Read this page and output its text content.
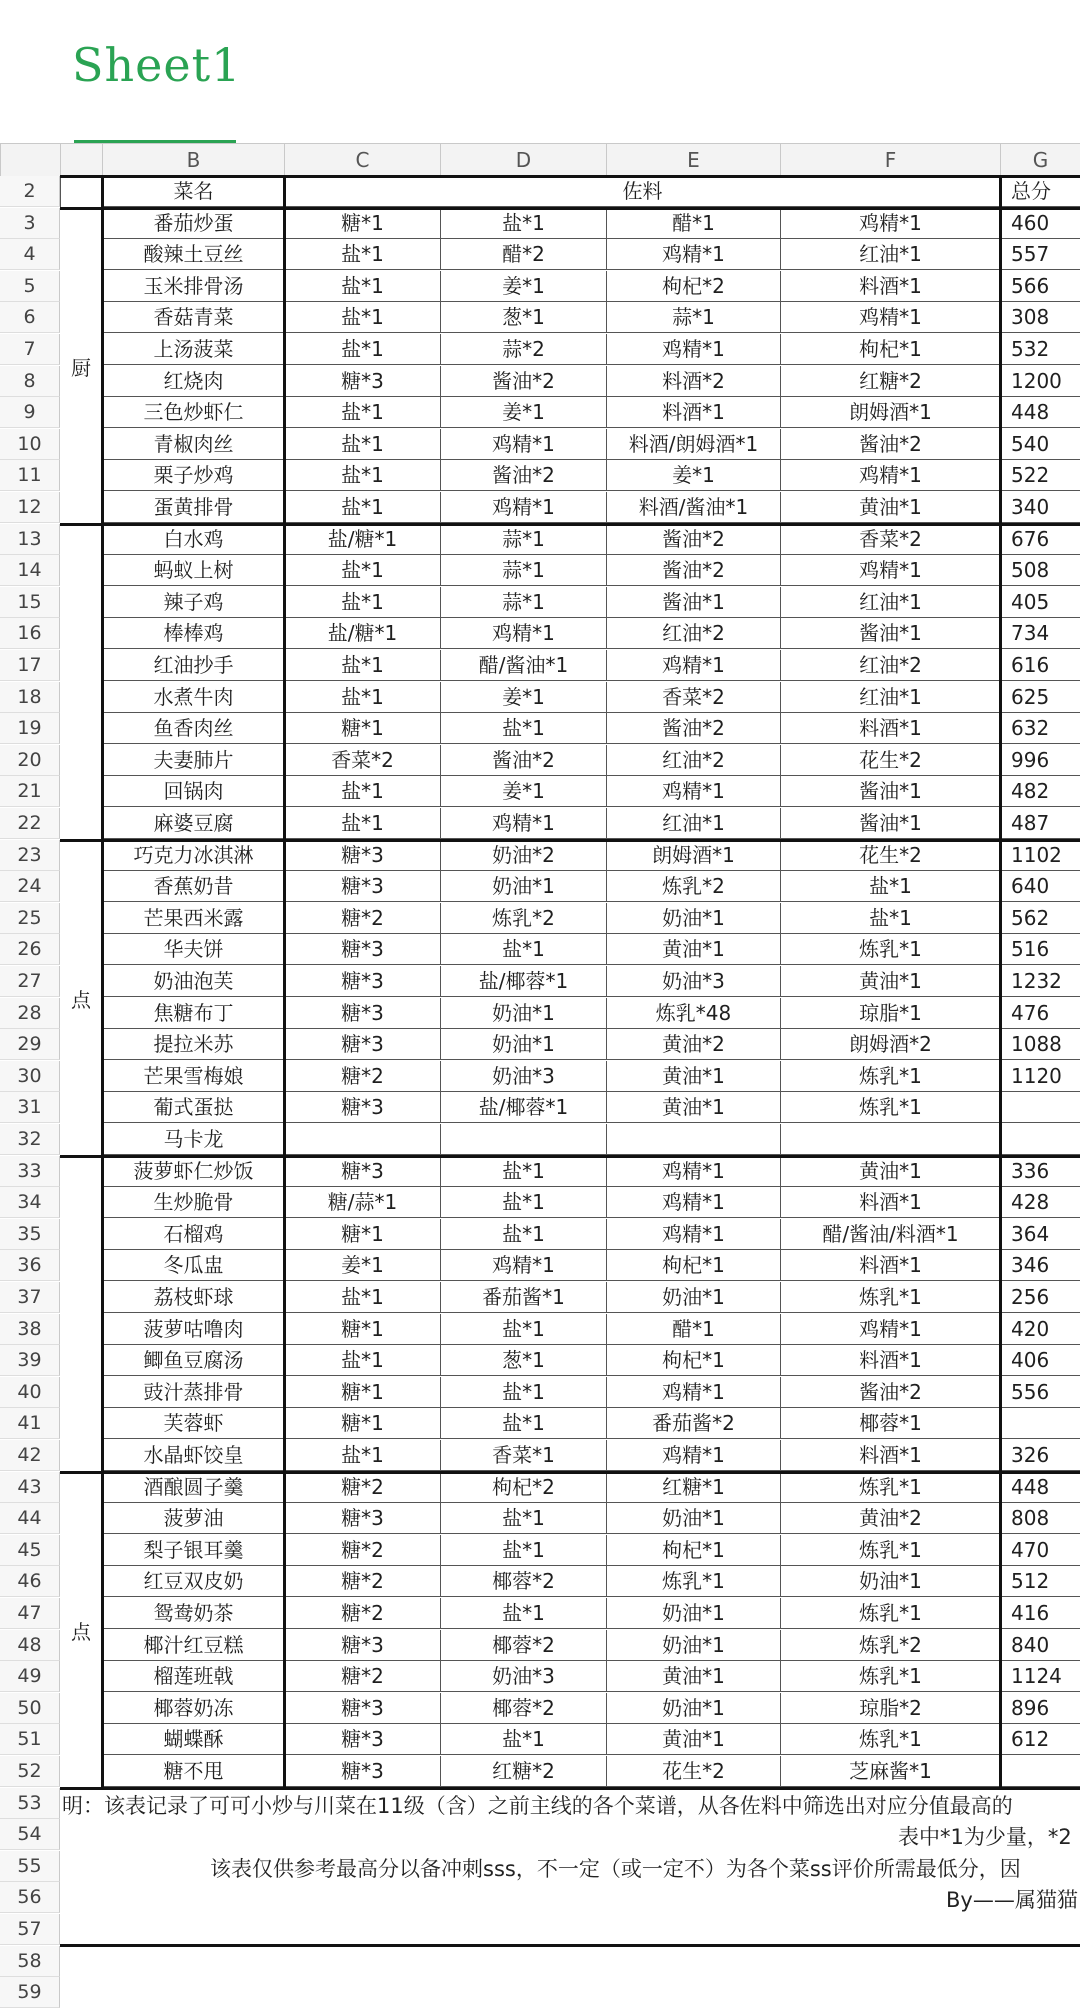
Sheet1
B	C	D	E	F	G
2	菜名	佐料	总分
3	番茄炒蛋	糖*1	盐*1	醋*1	鸡精*1	460
4	酸辣土豆丝	盐*1	醋*2	鸡精*1	红油*1	557
5	玉米排骨汤	盐*1	姜*1	枸杞*2	料酒*1	566
6	香菇青菜	盐*1	葱*1	蒜*1	鸡精*1	308
7	上汤菠菜	盐*1	蒜*2	鸡精*1	枸杞*1	532
8	红烧肉	糖*3	酱油*2	料酒*2	红糖*2	1200
9	三色炒虾仁	盐*1	姜*1	料酒*1	朗姆酒*1	448
10	青椒肉丝	盐*1	鸡精*1	料酒/朗姆酒*1	酱油*2	540
11	栗子炒鸡	盐*1	酱油*2	姜*1	鸡精*1	522
12	蛋黄排骨	盐*1	鸡精*1	料酒/酱油*1	黄油*1	340
13	白水鸡	盐/糖*1	蒜*1	酱油*2	香菜*2	676
14	蚂蚁上树	盐*1	蒜*1	酱油*2	鸡精*1	508
15	辣子鸡	盐*1	蒜*1	酱油*1	红油*1	405
16	棒棒鸡	盐/糖*1	鸡精*1	红油*2	酱油*1	734
17	红油抄手	盐*1	醋/酱油*1	鸡精*1	红油*2	616
18	水煮牛肉	盐*1	姜*1	香菜*2	红油*1	625
19	鱼香肉丝	糖*1	盐*1	酱油*2	料酒*1	632
20	夫妻肺片	香菜*2	酱油*2	红油*2	花生*2	996
21	回锅肉	盐*1	姜*1	鸡精*1	酱油*1	482
22	麻婆豆腐	盐*1	鸡精*1	红油*1	酱油*1	487
23	巧克力冰淇淋	糖*3	奶油*2	朗姆酒*1	花生*2	1102
24	香蕉奶昔	糖*3	奶油*1	炼乳*2	盐*1	640
25	芒果西米露	糖*2	炼乳*2	奶油*1	盐*1	562
26	华夫饼	糖*3	盐*1	黄油*1	炼乳*1	516
27	奶油泡芙	糖*3	盐/椰蓉*1	奶油*3	黄油*1	1232
28	焦糖布丁	糖*3	奶油*1	炼乳*48	琼脂*1	476
29	提拉米苏	糖*3	奶油*1	黄油*2	朗姆酒*2	1088
30	芒果雪梅娘	糖*2	奶油*3	黄油*1	炼乳*1	1120
31	葡式蛋挞	糖*3	盐/椰蓉*1	黄油*1	炼乳*1
32	马卡龙
33	菠萝虾仁炒饭	糖*3	盐*1	鸡精*1	黄油*1	336
34	生炒脆骨	糖/蒜*1	盐*1	鸡精*1	料酒*1	428
35	石榴鸡	糖*1	盐*1	鸡精*1	醋/酱油/料酒*1	364
36	冬瓜盅	姜*1	鸡精*1	枸杞*1	料酒*1	346
37	荔枝虾球	盐*1	番茄酱*1	奶油*1	炼乳*1	256
38	菠萝咕噜肉	糖*1	盐*1	醋*1	鸡精*1	420
39	鲫鱼豆腐汤	盐*1	葱*1	枸杞*1	料酒*1	406
40	豉汁蒸排骨	糖*1	盐*1	鸡精*1	酱油*2	556
41	芙蓉虾	糖*1	盐*1	番茄酱*2	椰蓉*1
42	水晶虾饺皇	盐*1	香菜*1	鸡精*1	料酒*1	326
43	酒酿圆子羹	糖*2	枸杞*2	红糖*1	炼乳*1	448
44	菠萝油	糖*3	盐*1	奶油*1	黄油*2	808
45	梨子银耳羹	糖*2	盐*1	枸杞*1	炼乳*1	470
46	红豆双皮奶	糖*2	椰蓉*2	炼乳*1	奶油*1	512
47	鸳鸯奶茶	糖*2	盐*1	奶油*1	炼乳*1	416
48	椰汁红豆糕	糖*3	椰蓉*2	奶油*1	炼乳*2	840
49	榴莲班戟	糖*2	奶油*3	黄油*1	炼乳*1	1124
50	椰蓉奶冻	糖*3	椰蓉*2	奶油*1	琼脂*2	896
51	蝴蝶酥	糖*3	盐*1	黄油*1	炼乳*1	612
52	糖不甩	糖*3	红糖*2	花生*2	芝麻酱*1
厨
点
点
53 明：该表记录了可可小炒与川菜在11级（含）之前主线的各个菜谱，从各佐料中筛选出对应分值最高的
54	表中*1为少量，*2
55	该表仅供参考最高分以备冲刺sss，不一定（或一定不）为各个菜ss评价所需最低分，因
56	By——属猫猫
57
58
59
